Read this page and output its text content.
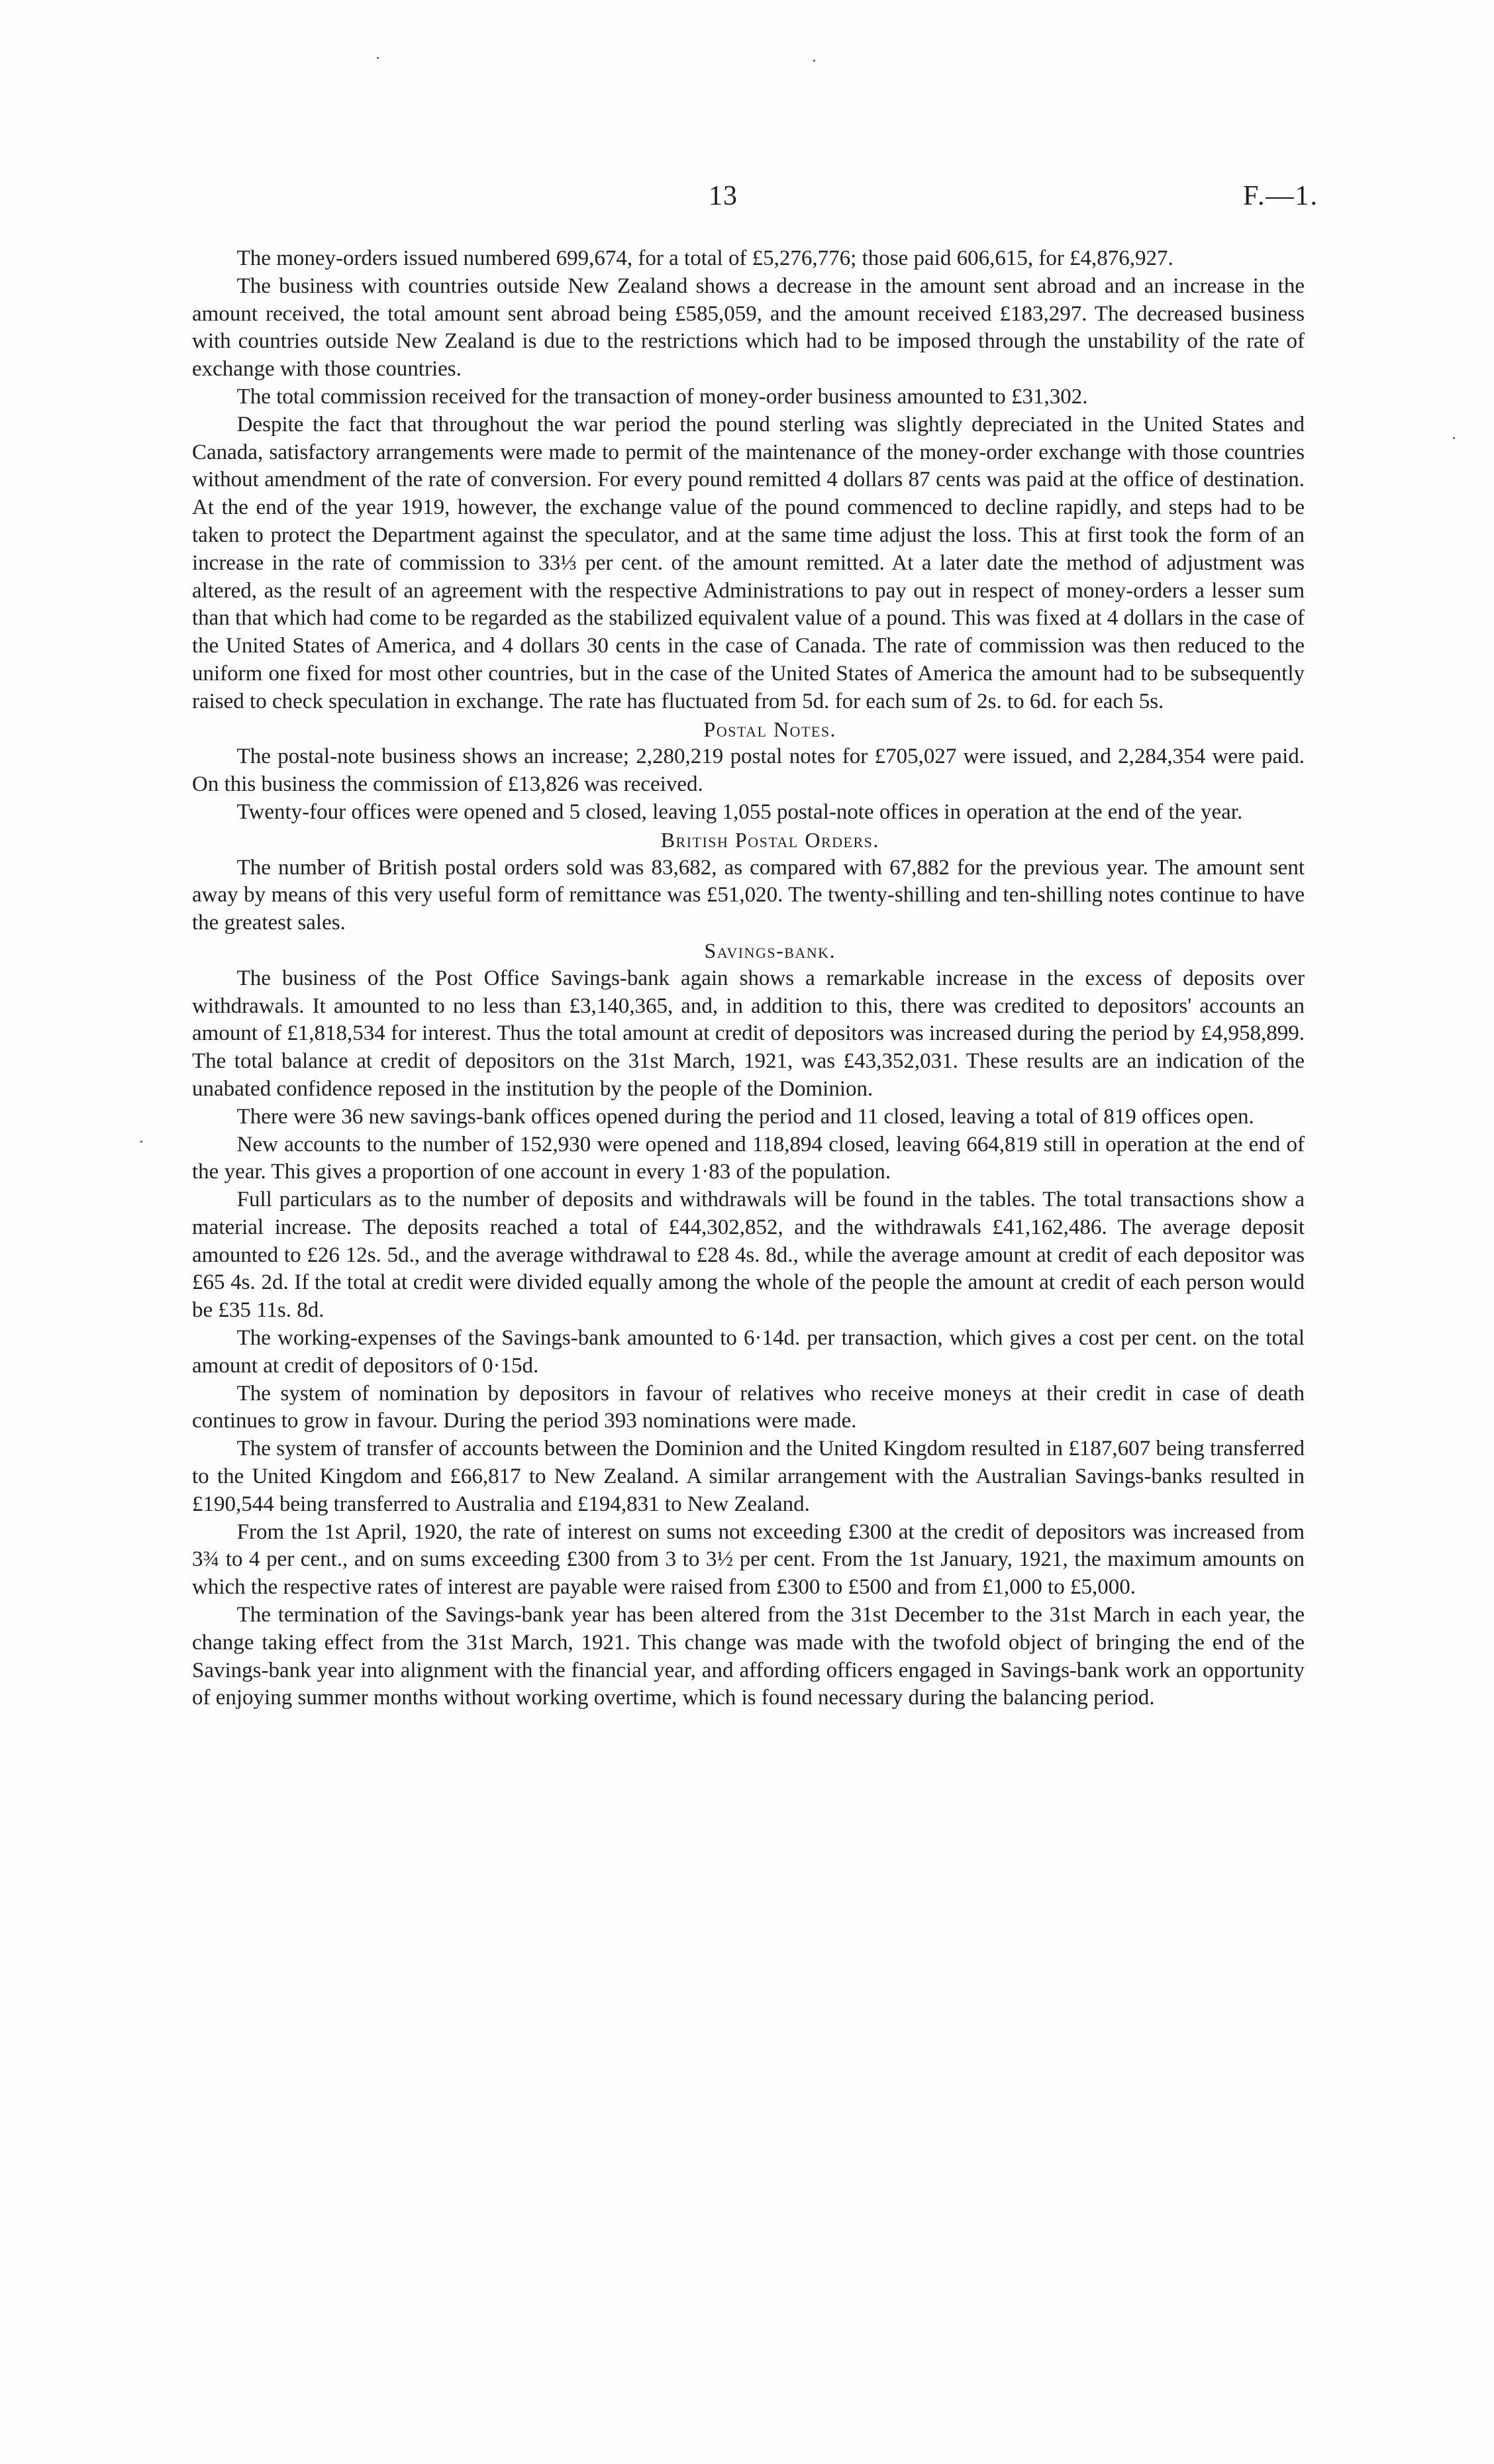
13	F.—1.

The money-orders issued numbered 699,674, for a total of £5,276,776; those paid 606,615, for £4,876,927.

The business with countries outside New Zealand shows a decrease in the amount sent abroad and an increase in the amount received, the total amount sent abroad being £585,059, and the amount received £183,297. The decreased business with countries outside New Zealand is due to the restrictions which had to be imposed through the unstability of the rate of exchange with those countries.

The total commission received for the transaction of money-order business amounted to £31,302.

Despite the fact that throughout the war period the pound sterling was slightly depreciated in the United States and Canada, satisfactory arrangements were made to permit of the maintenance of the money-order exchange with those countries without amendment of the rate of conversion. For every pound remitted 4 dollars 87 cents was paid at the office of destination. At the end of the year 1919, however, the exchange value of the pound commenced to decline rapidly, and steps had to be taken to protect the Department against the speculator, and at the same time adjust the loss. This at first took the form of an increase in the rate of commission to 33⅓ per cent. of the amount remitted. At a later date the method of adjustment was altered, as the result of an agreement with the respective Administrations to pay out in respect of money-orders a lesser sum than that which had come to be regarded as the stabilized equivalent value of a pound. This was fixed at 4 dollars in the case of the United States of America, and 4 dollars 30 cents in the case of Canada. The rate of commission was then reduced to the uniform one fixed for most other countries, but in the case of the United States of America the amount had to be subsequently raised to check speculation in exchange. The rate has fluctuated from 5d. for each sum of 2s. to 6d. for each 5s.

Postal Notes.

The postal-note business shows an increase; 2,280,219 postal notes for £705,027 were issued, and 2,284,354 were paid. On this business the commission of £13,826 was received.

Twenty-four offices were opened and 5 closed, leaving 1,055 postal-note offices in operation at the end of the year.

British Postal Orders.

The number of British postal orders sold was 83,682, as compared with 67,882 for the previous year. The amount sent away by means of this very useful form of remittance was £51,020. The twenty-shilling and ten-shilling notes continue to have the greatest sales.

Savings-bank.

The business of the Post Office Savings-bank again shows a remarkable increase in the excess of deposits over withdrawals. It amounted to no less than £3,140,365, and, in addition to this, there was credited to depositors' accounts an amount of £1,818,534 for interest. Thus the total amount at credit of depositors was increased during the period by £4,958,899. The total balance at credit of depositors on the 31st March, 1921, was £43,352,031. These results are an indication of the unabated confidence reposed in the institution by the people of the Dominion.

There were 36 new savings-bank offices opened during the period and 11 closed, leaving a total of 819 offices open.

New accounts to the number of 152,930 were opened and 118,894 closed, leaving 664,819 still in operation at the end of the year. This gives a proportion of one account in every 1·83 of the population.

Full particulars as to the number of deposits and withdrawals will be found in the tables. The total transactions show a material increase. The deposits reached a total of £44,302,852, and the withdrawals £41,162,486. The average deposit amounted to £26 12s. 5d., and the average withdrawal to £28 4s. 8d., while the average amount at credit of each depositor was £65 4s. 2d. If the total at credit were divided equally among the whole of the people the amount at credit of each person would be £35 11s. 8d.

The working-expenses of the Savings-bank amounted to 6·14d. per transaction, which gives a cost per cent. on the total amount at credit of depositors of 0·15d.

The system of nomination by depositors in favour of relatives who receive moneys at their credit in case of death continues to grow in favour. During the period 393 nominations were made.

The system of transfer of accounts between the Dominion and the United Kingdom resulted in £187,607 being transferred to the United Kingdom and £66,817 to New Zealand. A similar arrangement with the Australian Savings-banks resulted in £190,544 being transferred to Australia and £194,831 to New Zealand.

From the 1st April, 1920, the rate of interest on sums not exceeding £300 at the credit of depositors was increased from 3¾ to 4 per cent., and on sums exceeding £300 from 3 to 3½ per cent. From the 1st January, 1921, the maximum amounts on which the respective rates of interest are payable were raised from £300 to £500 and from £1,000 to £5,000.

The termination of the Savings-bank year has been altered from the 31st December to the 31st March in each year, the change taking effect from the 31st March, 1921. This change was made with the twofold object of bringing the end of the Savings-bank year into alignment with the financial year, and affording officers engaged in Savings-bank work an opportunity of enjoying summer months without working overtime, which is found necessary during the balancing period.
